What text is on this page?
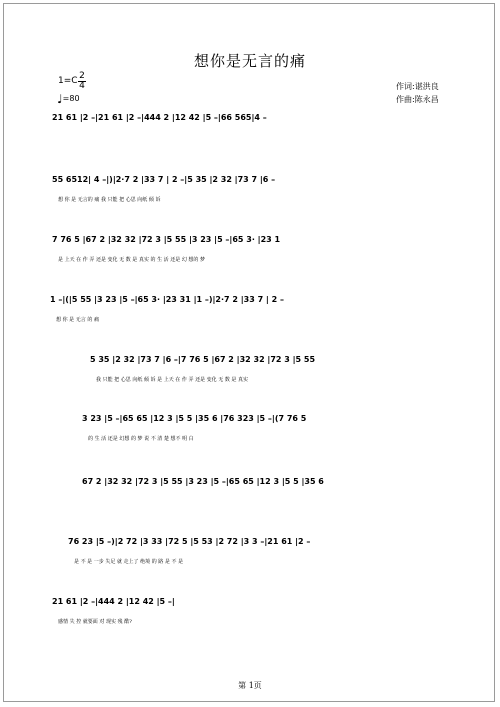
想你是无言的痛
1=C 2
4
♩=80
作词:谌洪良
作曲:陈永昌
21 61 |2 –|21 61 |2 –|444 2 |12 42 |5 –|66 565|4 –
55 6512| 4 –|)|2·7 2 |33 7 | 2 –|5 35 |2 32 |73 7 |6 –
想 你 是 无言的 痛 我 只能 把 心思 向纸 倾 诉
7 76 5 |67 2 |32 32 |72 3 |5 55 |3 23 |5 –|65 3· |23 1
是 上天 在 作 弄 还是 变化 无 数 是 真实 的 生 活 还是 幻 想的 梦
1 –|(|5 55 |3 23 |5 –|65 3· |23 31 |1 –)|2·7 2 |33 7 | 2 –
想 你 是 无言 的 痛
5 35 |2 32 |73 7 |6 –|7 76 5 |67 2 |32 32 |72 3 |5 55
我 只能 把 心思 向纸 倾 诉 是 上天 在 作 弄 还是 变化 无 数 是 真实
3 23 |5 –|65 65 |12 3 |5 5 |35 6 |76 323 |5 –|(7 76 5
的 生 活 还是 幻想 的 梦 说 不 清 楚 想不 明 白
67 2 |32 32 |72 3 |5 55 |3 23 |5 –|65 65 |12 3 |5 5 |35 6
76 23 |5 –)|2 72 |3 33 |72 5 |5 53 |2 72 |3 3 –|21 61 |2 –
是 不 是 一步 失足 就 走上了 绝境 的 路 是 不 是
21 61 |2 –|444 2 |12 42 |5 –|
感情 失 控 就要面 对 现实 残 酷?
第 1页
